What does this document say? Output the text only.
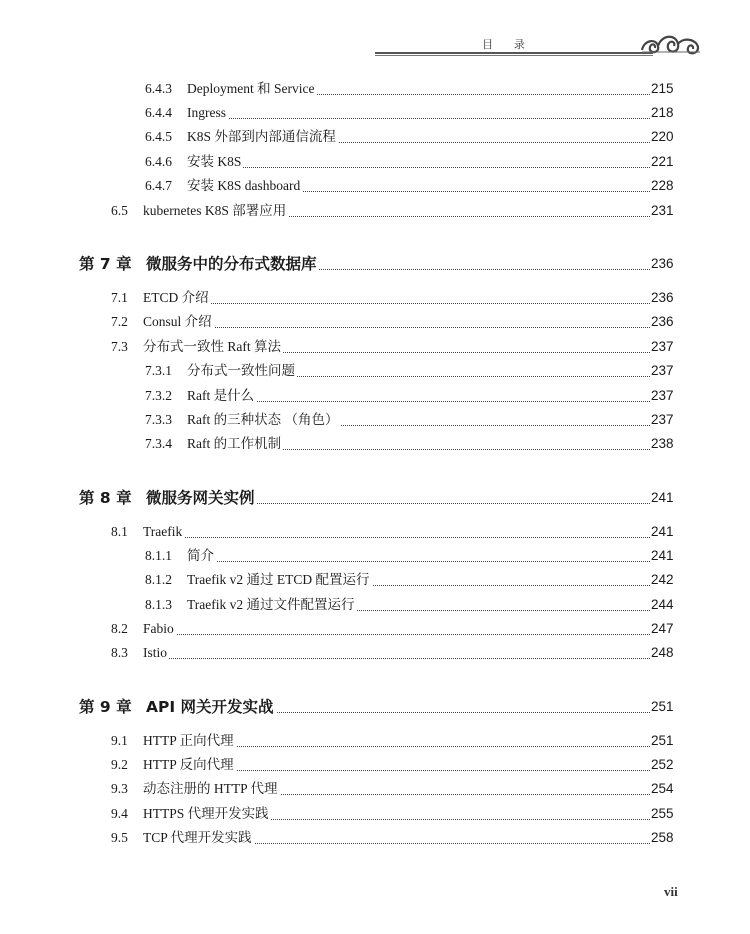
目 录
6.4.3 Deployment 和 Service	215
6.4.4 Ingress	218
6.4.5 K8S 外部到内部通信流程	220
6.4.6 安装 K8S	221
6.4.7 安装 K8S dashboard	228
6.5 kubernetes K8S 部署应用	231
第 7 章 微服务中的分布式数据库	236
7.1 ETCD 介绍	236
7.2 Consul 介绍	236
7.3 分布式一致性 Raft 算法	237
7.3.1 分布式一致性问题	237
7.3.2 Raft 是什么	237
7.3.3 Raft 的三种状态 （角色）	237
7.3.4 Raft 的工作机制	238
第 8 章 微服务网关实例	241
8.1 Traefik	241
8.1.1 简介	241
8.1.2 Traefik v2 通过 ETCD 配置运行	242
8.1.3 Traefik v2 通过文件配置运行	244
8.2 Fabio	247
8.3 Istio	248
第 9 章 API 网关开发实战	251
9.1 HTTP 正向代理	251
9.2 HTTP 反向代理	252
9.3 动态注册的 HTTP 代理	254
9.4 HTTPS 代理开发实践	255
9.5 TCP 代理开发实践	258
vii
